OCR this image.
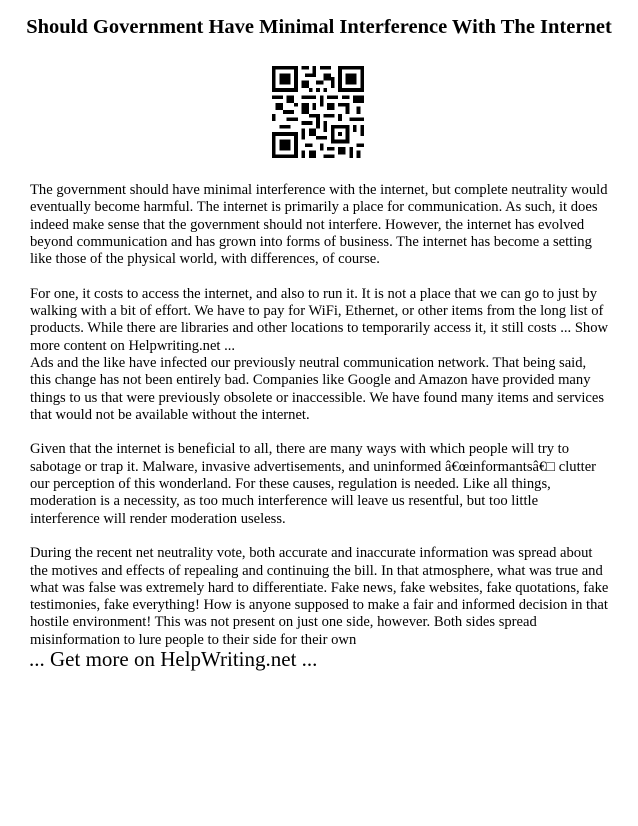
Should Government Have Minimal Interference With The Internet

The government should have minimal interference with the internet, but complete neutrality would eventually become harmful. The internet is primarily a place for communication. As such, it does indeed make sense that the government should not interfere. However, the internet has evolved beyond communication and has grown into forms of business. The internet has become a setting like those of the physical world, with differences, of course.

For one, it costs to access the internet, and also to run it. It is not a place that we can go to just by walking with a bit of effort. We have to pay for WiFi, Ethernet, or other items from the long list of products. While there are libraries and other locations to temporarily access it, it still costs ... Show more content on Helpwriting.net ...

Ads and the like have infected our previously neutral communication network. That being said, this change has not been entirely bad. Companies like Google and Amazon have provided many things to us that were previously obsolete or inaccessible. We have found many items and services that would not be available without the internet.

Given that the internet is beneficial to all, there are many ways with which people will try to sabotage or trap it. Malware, invasive advertisements, and uninformed â€œinformantsâ€□ clutter our perception of this wonderland. For these causes, regulation is needed. Like all things, moderation is a necessity, as too much interference will leave us resentful, but too little interference will render moderation useless.

During the recent net neutrality vote, both accurate and inaccurate information was spread about the motives and effects of repealing and continuing the bill. In that atmosphere, what was true and what was false was extremely hard to differentiate. Fake news, fake websites, fake quotations, fake testimonies, fake everything! How is anyone supposed to make a fair and informed decision in that hostile environment! This was not present on just one side, however. Both sides spread misinformation to lure people to their side for their own

... Get more on HelpWriting.net ...
